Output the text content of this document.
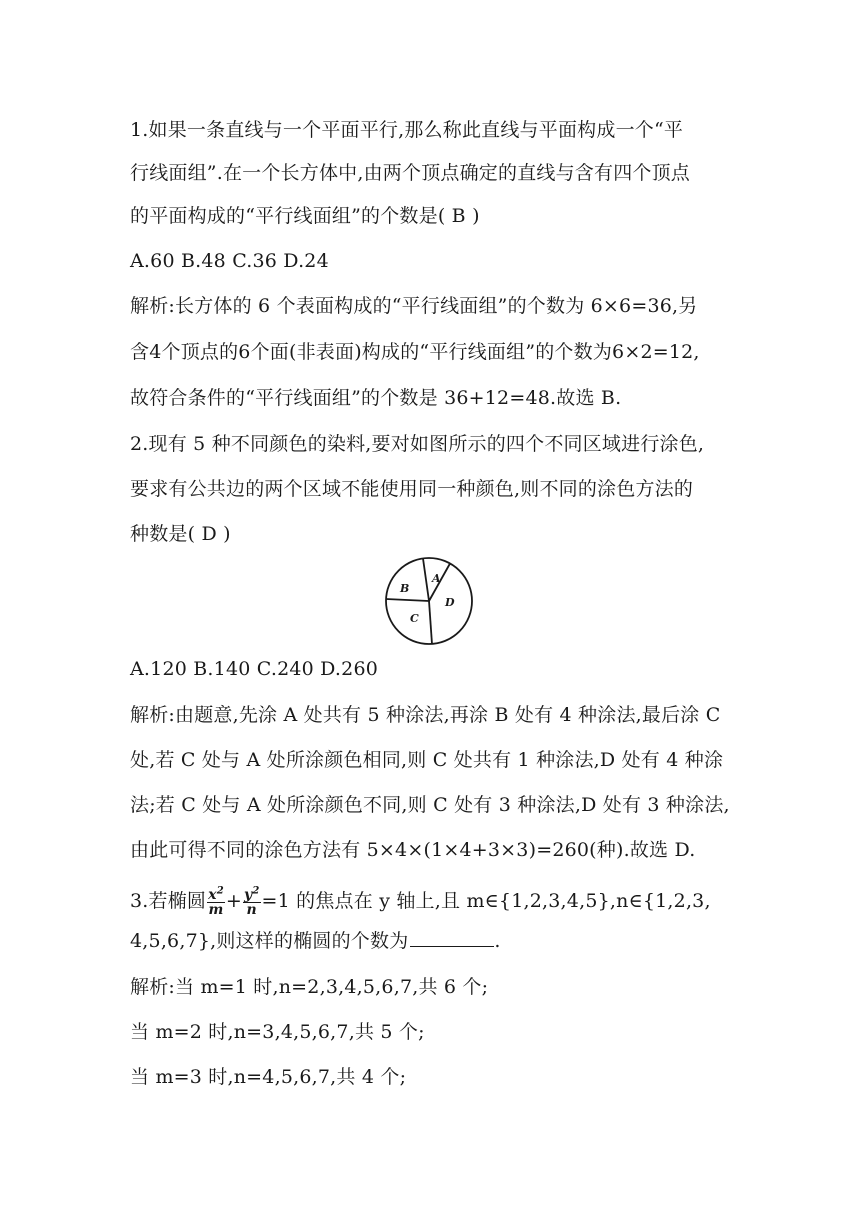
1.如果一条直线与一个平面平行,那么称此直线与平面构成一个“平
行线面组”.在一个长方体中,由两个顶点确定的直线与含有四个顶点
的平面构成的“平行线面组”的个数是( B )
A.60 B.48 C.36 D.24
解析:长方体的 6 个表面构成的“平行线面组”的个数为 6×6=36,另
含4个顶点的6个面(非表面)构成的“平行线面组”的个数为6×2=12,
故符合条件的“平行线面组”的个数是 36+12=48.故选 B.
2.现有 5 种不同颜色的染料,要对如图所示的四个不同区域进行涂色,
要求有公共边的两个区域不能使用同一种颜色,则不同的涂色方法的
种数是( D )
A
B
C
D
A.120 B.140 C.240 D.260
解析:由题意,先涂 A 处共有 5 种涂法,再涂 B 处有 4 种涂法,最后涂 C
处,若 C 处与 A 处所涂颜色相同,则 C 处共有 1 种涂法,D 处有 4 种涂
法;若 C 处与 A 处所涂颜色不同,则 C 处有 3 种涂法,D 处有 3 种涂法,
由此可得不同的涂色方法有 5×4×(1×4+3×3)=260(种).故选 D.
3.若椭圆 $\frac{x^2}{m} + \frac{y^2}{n} =1$ 的焦点在 y 轴上,且 m∈{1,2,3,4,5},n∈{1,2,3,
4,5,6,7},则这样的椭圆的个数为	.
解析:当 m=1 时,n=2,3,4,5,6,7,共 6 个;
当 m=2 时,n=3,4,5,6,7,共 5 个;
当 m=3 时,n=4,5,6,7,共 4 个;
